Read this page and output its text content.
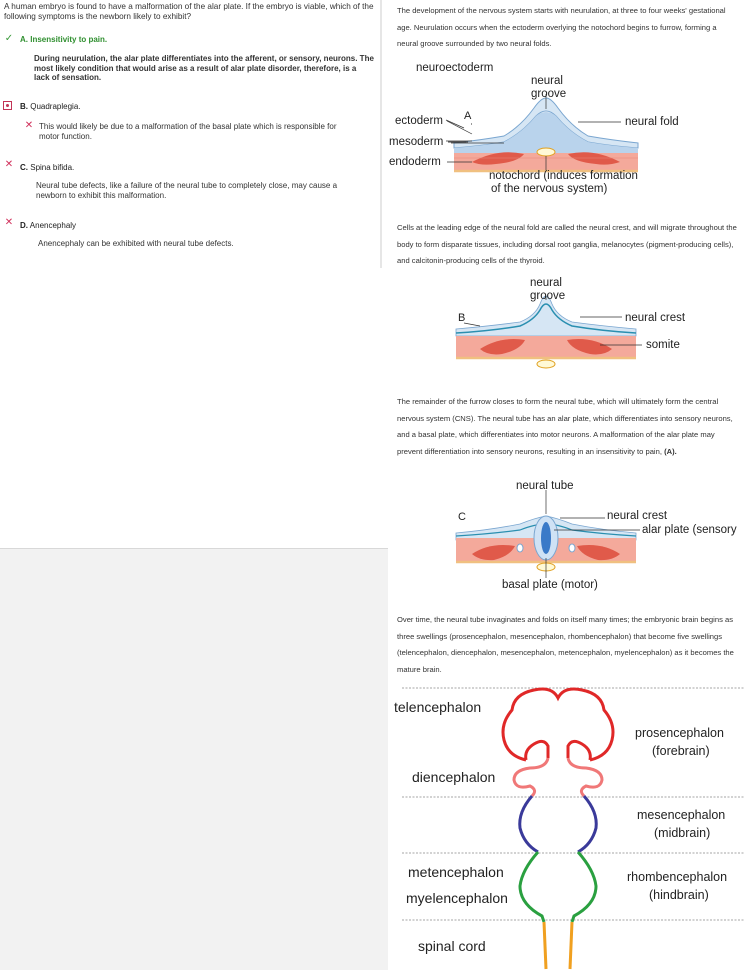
A human embryo is found to have a malformation of the alar plate. If the embryo is viable, which of the following symptoms is the newborn likely to exhibit?
✓ A. Insensitivity to pain.
During neurulation, the alar plate differentiates into the afferent, or sensory, neurons. The most likely condition that would arise as a result of alar plate disorder, therefore, is a lack of sensation.
B. Quadraplegia.
✕ This would likely be due to a malformation of the basal plate which is responsible for motor function.
✕ C. Spina bifida.
Neural tube defects, like a failure of the neural tube to completely close, may cause a newborn to exhibit this malformation.
✕ D. Anencephaly
Anencephaly can be exhibited with neural tube defects.
The development of the nervous system starts with neurulation, at three to four weeks' gestational age. Neurulation occurs when the ectoderm overlying the notochord begins to furrow, forming a neural groove surrounded by two neural folds.
Cells at the leading edge of the neural fold are called the neural crest, and will migrate throughout the body to form disparate tissues, including dorsal root ganglia, melanocytes (pigment-producing cells), and calcitonin-producing cells of the thyroid.
The remainder of the furrow closes to form the neural tube, which will ultimately form the central nervous system (CNS). The neural tube has an alar plate, which differentiates into sensory neurons, and a basal plate, which differentiates into motor neurons. A malformation of the alar plate may prevent differentiation into sensory neurons, resulting in an insensitivity to pain, (A).
Over time, the neural tube invaginates and folds on itself many times; the embryonic brain begins as three swellings (prosencephalon, mesencephalon, rhombencephalon) that become five swellings (telencephalon, diencephalon, mesencephalon, metencephalon, myelencephalon) as it becomes the mature brain.
neuroectoderm
neural
groove
A	neural fold
ectoderm
mesoderm
endoderm
notochord (induces formation
of the nervous system)
neural
groove
B	neural crest
somite
neural tube
C	neural crest
alar plate (sensory
basal plate (motor)
telencephalon
diencephalon
metencephalon
myelencephalon
spinal cord
prosencephalon
(forebrain)
mesencephalon
(midbrain)
rhombencephalon
(hindbrain)
